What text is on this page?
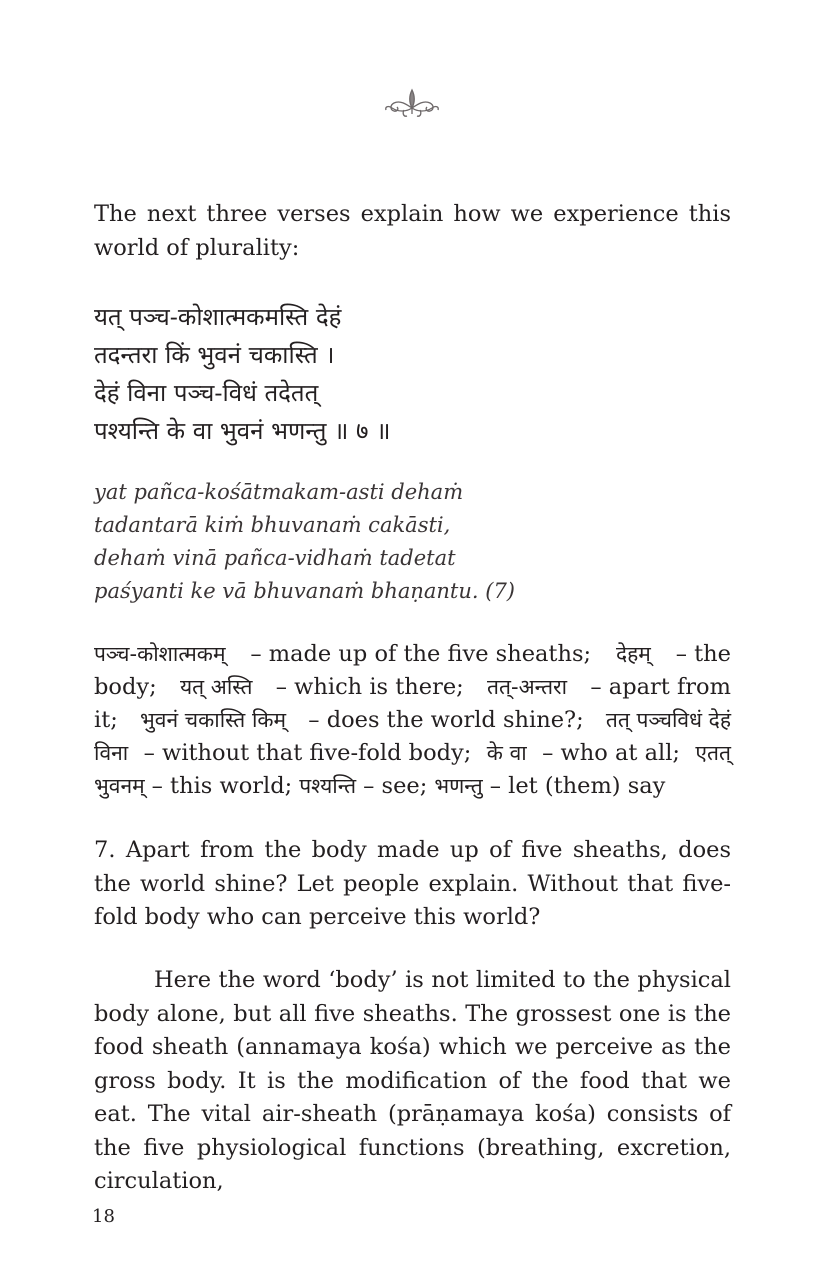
The next three verses explain how we experience this world of plurality:

यत् पञ्च-कोशात्मकमस्ति देहं
तदन्तरा किं भुवनं चकास्ति ।
देहं विना पञ्च-विधं तदेतत्
पश्यन्ति के वा भुवनं भणन्तु ॥ ७ ॥
yat pañca-kośātmakam-asti dehaṁ
tadantarā kiṁ bhuvanaṁ cakāsti,
dehaṁ vinā pañca-vidhaṁ tadetat
paśyanti ke vā bhuvanaṁ bhaṇantu. (7)
पञ्च-कोशात्मकम् – made up of the five sheaths; देहम् – the
body; यत् अस्ति – which is there; तत्-अन्तरा – apart from
it; भुवनं चकास्ति किम् – does the world shine?; तत् पञ्चविधं देहं
विना – without that five-fold body; के वा – who at all; एतत्
भुवनम् – this world; पश्यन्ति – see; भणन्तु – let (them) say

7. Apart from the body made up of five sheaths, does the world shine? Let people explain. Without that five-fold body who can perceive this world?

Here the word ‘body’ is not limited to the physical body alone, but all five sheaths. The grossest one is the food sheath (annamaya kośa) which we perceive as the gross body. It is the modification of the food that we eat. The vital air-sheath (prāṇamaya kośa) consists of the five physiological functions (breathing, excretion, circulation,

18
